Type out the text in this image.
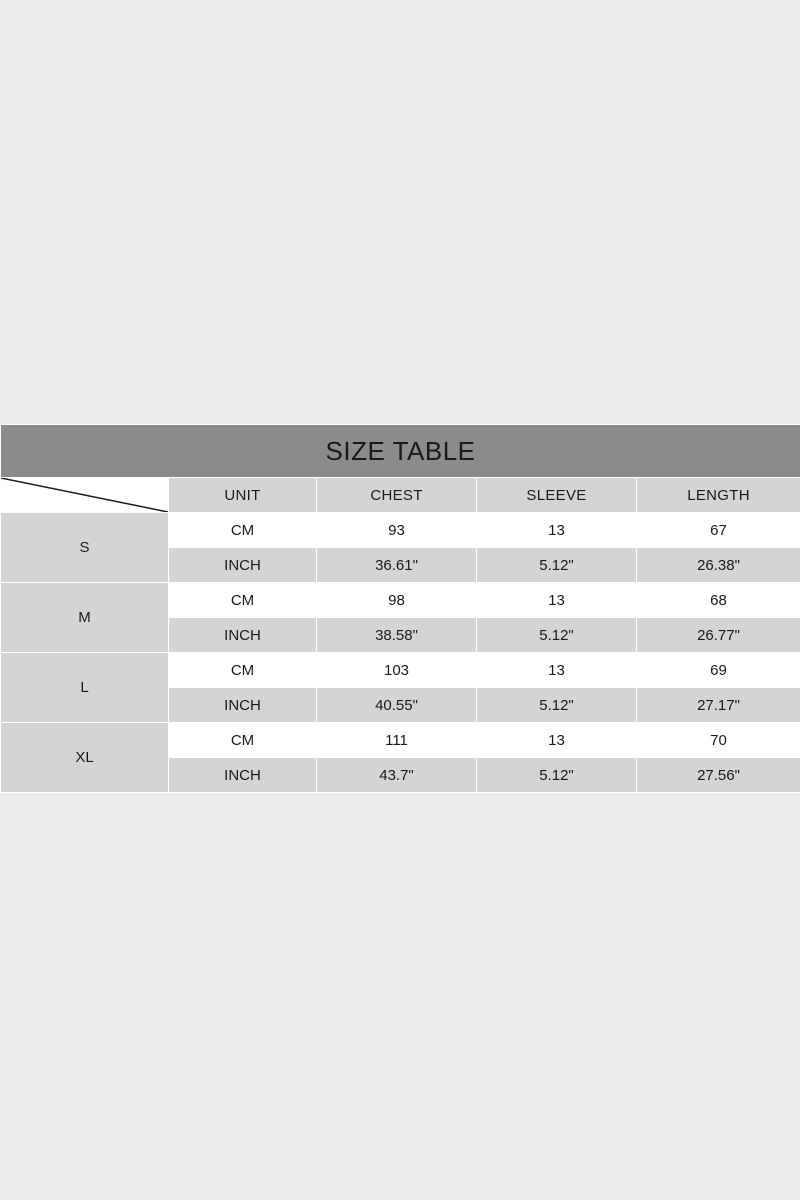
SIZE TABLE				

	UNIT	CHEST	SLEEVE	LENGTH
S	CM	93	13	67
	INCH	36.61"	5.12"	26.38"
M	CM	98	13	68
	INCH	38.58"	5.12"	26.77"
L	CM	103	13	69
	INCH	40.55"	5.12"	27.17"
XL	CM	111	13	70
	INCH	43.7"	5.12"	27.56"
